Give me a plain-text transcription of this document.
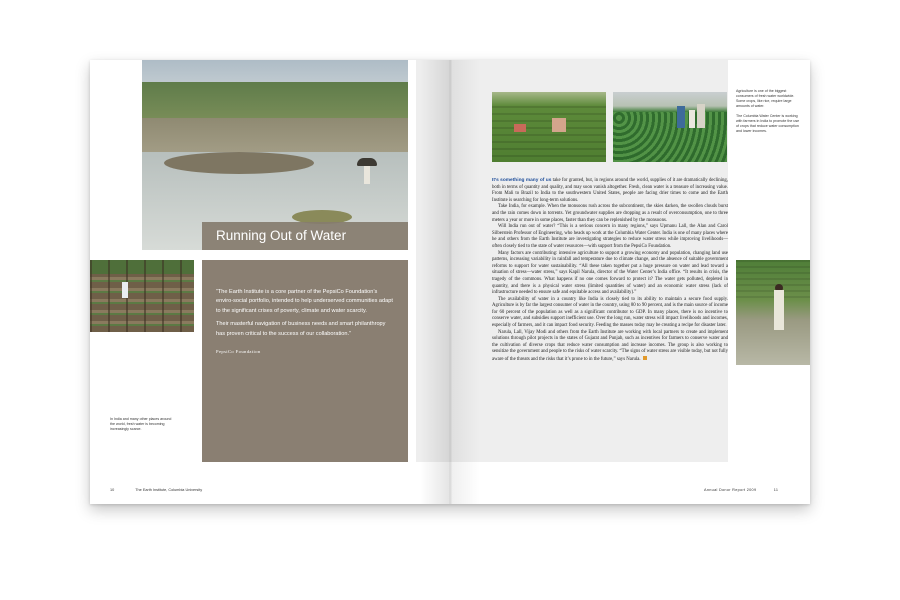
Running Out of Water

“The Earth Institute is a core partner of the PepsiCo Foundation’s enviro-social portfolio, intended to help underserved communities adapt to the significant crises of poverty, climate and water scarcity.

Their masterful navigation of business needs and smart philanthropy has proven critical to the success of our collaboration.”

PepsiCo Foundation
In India and many other places around the world, fresh water is becoming increasingly scarce.
10	The Earth Institute, Columbia University

Agriculture is one of the biggest consumers of fresh water worldwide. Some crops, like rice, require large amounts of water.

The Columbia Water Center is working with farmers in India to promote the use of crops that reduce water consumption and lower incomes.

It’s something many of us take for granted, but, in regions around the world, supplies of it are dramatically declining, both in terms of quantity and quality, and may soon vanish altogether. Fresh, clean water is a treasure of increasing value. From Mali to Brazil to India to the southwestern United States, people are facing drier times to come and the Earth Institute is searching for long-term solutions.

Take India, for example. When the monsoons rush across the subcontinent, the skies darken, the swollen clouds burst and the rain comes down in torrents. Yet groundwater supplies are dropping as a result of overconsumption, one to three meters a year or more in some places, faster than they can be replenished by the monsoons.

Will India run out of water? “This is a serious concern in many regions,” says Upmanu Lall, the Alan and Carol Silberstein Professor of Engineering, who heads up work at the Columbia Water Center. India is one of many places where he and others from the Earth Institute are investigating strategies to reduce water stress while improving livelihoods—often closely tied to the state of water resources—with support from the PepsiCo Foundation.

Many factors are contributing: intensive agriculture to support a growing economy and population, changing land use patterns, increasing variability in rainfall and temperature due to climate change, and the absence of suitable government reforms to support for water sustainability. “All these taken together put a huge pressure on water and lead toward a situation of stress—water stress,” says Kapil Narula, director of the Water Center’s India office. “It results in crisis, the tragedy of the commons. What happens if no one comes forward to protect it? The water gets polluted, depleted in quantity, and there is a physical water stress (limited quantities of water) and an economic water stress (lack of infrastructure needed to ensure safe and equitable access and availability).”

The availability of water in a country like India is closely tied to its ability to maintain a secure food supply. Agriculture is by far the largest consumer of water in the country, using 80 to 90 percent, and is the main source of income for 60 percent of the population as well as a significant contributor to GDP. In many places, there is no incentive to conserve water, and subsidies support inefficient use. Over the long run, water stress will impact livelihoods and incomes, especially of farmers, and it can impact food security. Feeding the masses today may be creating a recipe for disaster later.

Narula, Lall, Vijay Modi and others from the Earth Institute are working with local partners to create and implement solutions through pilot projects in the states of Gujarat and Punjab, such as incentives for farmers to conserve water and the cultivation of diverse crops that reduce water consumption and increase incomes. The group is also working to sensitize the government and people to the risks of water scarcity. “The signs of water stress are visible today, but not fully aware of the threats and the risks that it’s prone to in the future,” says Narula.

Annual Donor Report 2009	11
